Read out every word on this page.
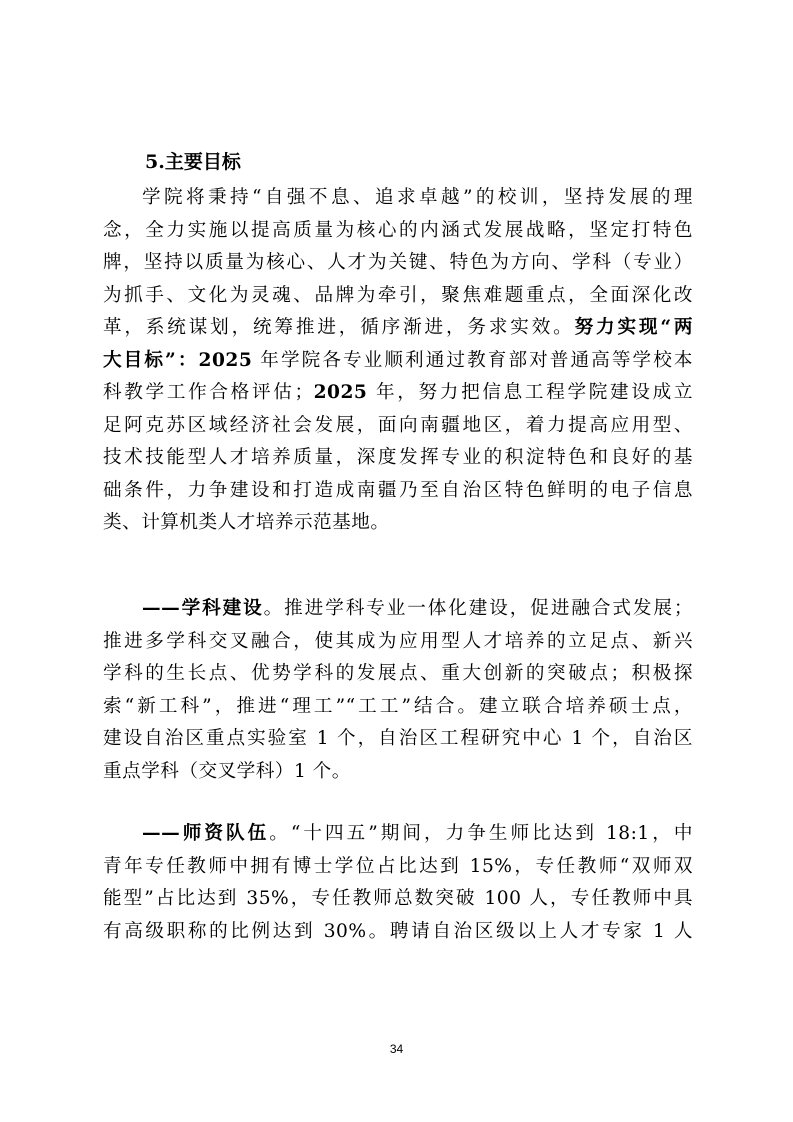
5.主要目标
学院将秉持“自强不息、追求卓越”的校训，坚持发展的理
念，全力实施以提高质量为核心的内涵式发展战略，坚定打特色
牌，坚持以质量为核心、人才为关键、特色为方向、学科（专业）
为抓手、文化为灵魂、品牌为牵引，聚焦难题重点，全面深化改
革，系统谋划，统筹推进，循序渐进，务求实效。努力实现“两
大目标”：2025 年学院各专业顺利通过教育部对普通高等学校本
科教学工作合格评估；2025 年，努力把信息工程学院建设成立
足阿克苏区域经济社会发展，面向南疆地区，着力提高应用型、
技术技能型人才培养质量，深度发挥专业的积淀特色和良好的基
础条件，力争建设和打造成南疆乃至自治区特色鲜明的电子信息
类、计算机类人才培养示范基地。
——学科建设。推进学科专业一体化建设，促进融合式发展；
推进多学科交叉融合，使其成为应用型人才培养的立足点、新兴
学科的生长点、优势学科的发展点、重大创新的突破点；积极探
索“新工科”，推进“理工”“工工”结合。建立联合培养硕士点，
建设自治区重点实验室 1 个，自治区工程研究中心 1 个，自治区
重点学科（交叉学科）1 个。
——师资队伍。“十四五”期间，力争生师比达到 18:1，中
青年专任教师中拥有博士学位占比达到 15%，专任教师“双师双
能型”占比达到 35%，专任教师总数突破 100 人，专任教师中具
有高级职称的比例达到 30%。聘请自治区级以上人才专家 1 人
34
